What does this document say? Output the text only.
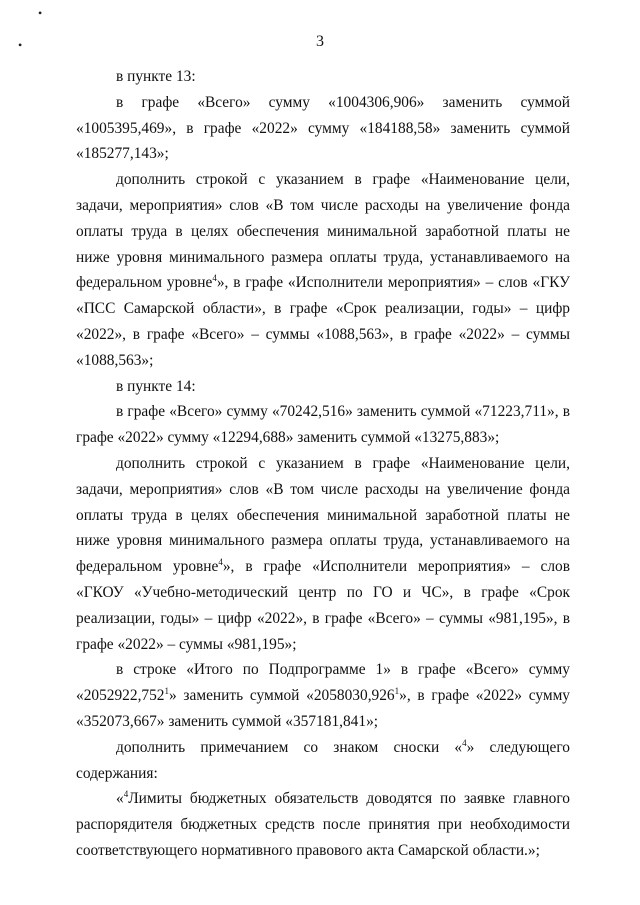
3
•
•
в пункте 13:
в графе «Всего» сумму «1004306,906» заменить суммой «1005395,469», в графе «2022» сумму «184188,58» заменить суммой «185277,143»;
дополнить строкой с указанием в графе «Наименование цели, задачи, мероприятия» слов «В том числе расходы на увеличение фонда оплаты труда в целях обеспечения минимальной заработной платы не ниже уровня минимального размера оплаты труда, устанавливаемого на федеральном уровне$^4$», в графе «Исполнители мероприятия» – слов «ГКУ «ПСС Самарской области», в графе «Срок реализации, годы» – цифр «2022», в графе «Всего» – суммы «1088,563», в графе «2022» – суммы «1088,563»;
в пункте 14:
в графе «Всего» сумму «70242,516» заменить суммой «71223,711», в графе «2022» сумму «12294,688» заменить суммой «13275,883»;
дополнить строкой с указанием в графе «Наименование цели, задачи, мероприятия» слов «В том числе расходы на увеличение фонда оплаты труда в целях обеспечения минимальной заработной платы не ниже уровня минимального размера оплаты труда, устанавливаемого на федеральном уровне$^4$», в графе «Исполнители мероприятия» – слов «ГКОУ «Учебно-методический центр по ГО и ЧС», в графе «Срок реализации, годы» – цифр «2022», в графе «Всего» – суммы «981,195», в графе «2022» – суммы «981,195»;
в строке «Итого по Подпрограмме 1» в графе «Всего» сумму «2052922,752$^1$» заменить суммой «2058030,926$^1$», в графе «2022» сумму «352073,667» заменить суммой «357181,841»;
дополнить примечанием со знаком сноски «$^4$» следующего содержания:
«$^4$Лимиты бюджетных обязательств доводятся по заявке главного распорядителя бюджетных средств после принятия при необходимости соответствующего нормативного правового акта Самарской области.»;
